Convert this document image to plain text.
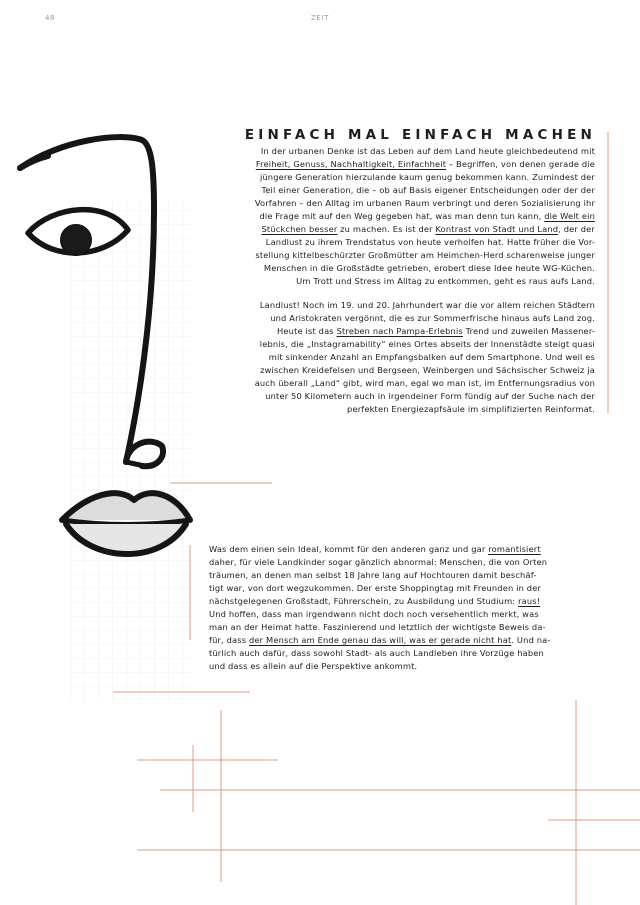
48	ZEIT
EINFACH MAL EINFACH MACHEN
In der urbanen Denke ist das Leben auf dem Land heute gleichbedeutend mit
Freiheit, Genuss, Nachhaltigkeit, Einfachheit – Begriffen, von denen gerade die
jüngere Generation hierzulande kaum genug bekommen kann. Zumindest der
Teil einer Generation, die – ob auf Basis eigener Entscheidungen oder der der
Vorfahren – den Alltag im urbanen Raum verbringt und deren Sozialisierung ihr
die Frage mit auf den Weg gegeben hat, was man denn tun kann, die Welt ein
Stückchen besser zu machen. Es ist der Kontrast von Stadt und Land, der der
Landlust zu ihrem Trendstatus von heute verholfen hat. Hatte früher die Vor-
stellung kittelbeschürzter Großmütter am Heimchen-Herd scharenweise junger
Menschen in die Großstädte getrieben, erobert diese Idee heute WG-Küchen.
Um Trott und Stress im Alltag zu entkommen, geht es raus aufs Land.
Landlust! Noch im 19. und 20. Jahrhundert war die vor allem reichen Städtern
und Aristokraten vergönnt, die es zur Sommerfrische hinaus aufs Land zog.
Heute ist das Streben nach Pampa-Erlebnis Trend und zuweilen Massener-
lebnis, die „Instagramability“ eines Ortes abseits der Innenstädte steigt quasi
mit sinkender Anzahl an Empfangsbalken auf dem Smartphone. Und weil es
zwischen Kreidefelsen und Bergseen, Weinbergen und Sächsischer Schweiz ja
auch überall „Land“ gibt, wird man, egal wo man ist, im Entfernungsradius von
unter 50 Kilometern auch in irgendeiner Form fündig auf der Suche nach der
perfekten Energiezapfsäule im simplifizierten Reinformat.
Was dem einen sein Ideal, kommt für den anderen ganz und gar romantisiert
daher, für viele Landkinder sogar gänzlich abnormal: Menschen, die von Orten
träumen, an denen man selbst 18 Jahre lang auf Hochtouren damit beschäf-
tigt war, von dort wegzukommen. Der erste Shoppingtag mit Freunden in der
nächstgelegenen Großstadt, Führerschein, zu Ausbildung und Studium: raus!
Und hoffen, dass man irgendwann nicht doch noch versehentlich merkt, was
man an der Heimat hatte. Faszinierend und letztlich der wichtigste Beweis da-
für, dass der Mensch am Ende genau das will, was er gerade nicht hat. Und na-
türlich auch dafür, dass sowohl Stadt- als auch Landleben ihre Vorzüge haben
und dass es allein auf die Perspektive ankommt.
